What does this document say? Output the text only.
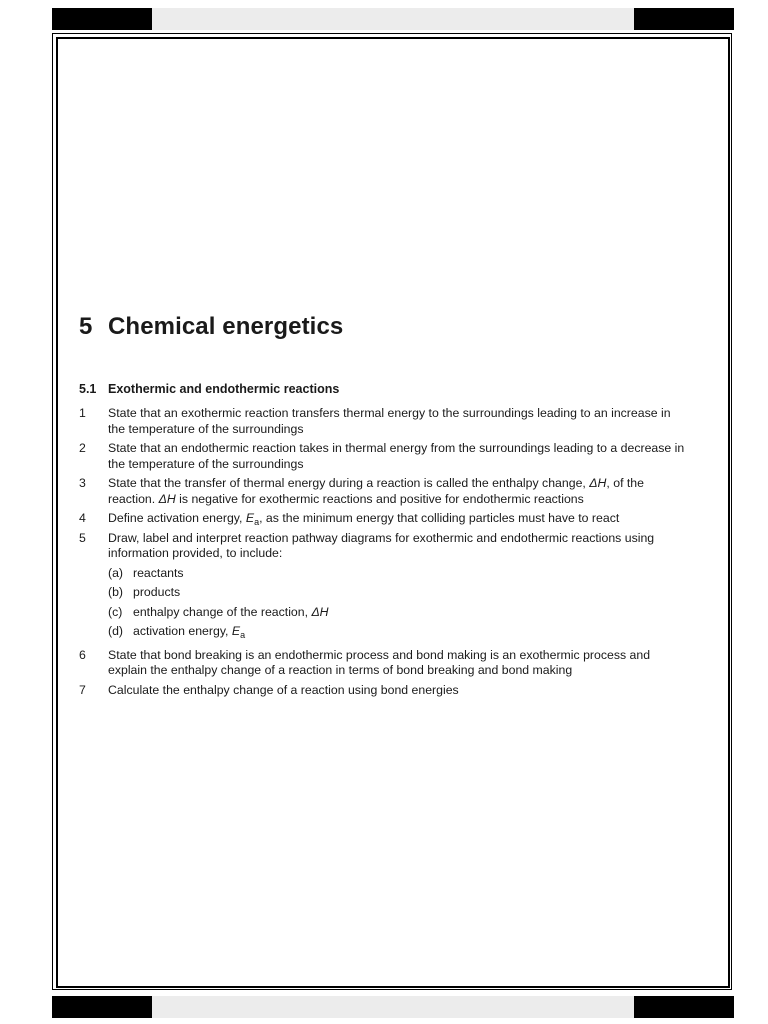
5 Chemical energetics
5.1 Exothermic and endothermic reactions
1	State that an exothermic reaction transfers thermal energy to the surroundings leading to an increase in the temperature of the surroundings
2	State that an endothermic reaction takes in thermal energy from the surroundings leading to a decrease in the temperature of the surroundings
3	State that the transfer of thermal energy during a reaction is called the enthalpy change, ΔH, of the reaction. ΔH is negative for exothermic reactions and positive for endothermic reactions
4	Define activation energy, $E_a$, as the minimum energy that colliding particles must have to react
5	Draw, label and interpret reaction pathway diagrams for exothermic and endothermic reactions using information provided, to include:
(a) reactants
(b) products
(c) enthalpy change of the reaction, ΔH
(d) activation energy, $E_a$
6	State that bond breaking is an endothermic process and bond making is an exothermic process and explain the enthalpy change of a reaction in terms of bond breaking and bond making
7	Calculate the enthalpy change of a reaction using bond energies
